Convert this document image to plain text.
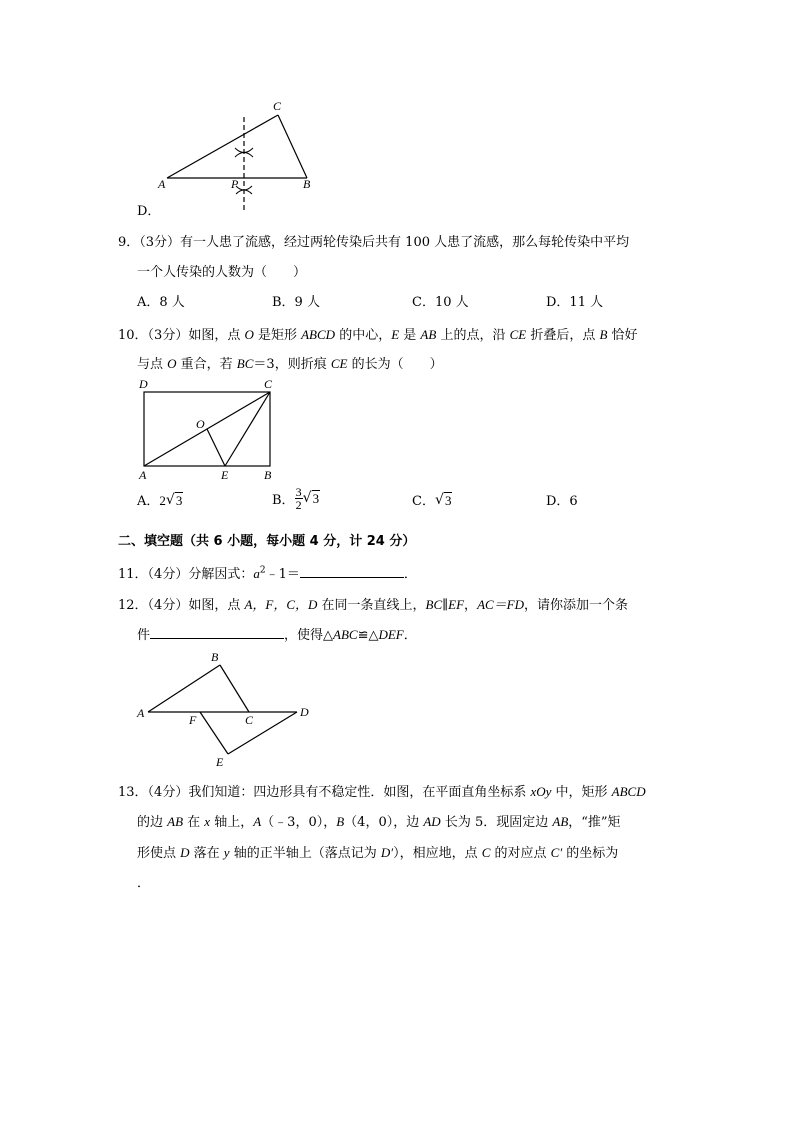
A	B
C
P
D．
9．（3分）有一人患了流感，经过两轮传染后共有 100 人患了流感，那么每轮传染中平均
一个人传染的人数为（　　）
A．8 人	B．9 人	C．10 人	D．11 人
10．（3分）如图，点 O 是矩形 ABCD 的中心，E 是 AB 上的点，沿 CE 折叠后，点 B 恰好
与点 O 重合，若 BC＝3，则折痕 CE 的长为（　　）
D	C
A	B
O
E
A．2 √ 3	B． $\frac{3}{2}$ √ 3	C． √ 3	D．6
二、填空题（共 6 小题，每小题 4 分，计 24 分）
11．（4分）分解因式：$a^2﹣1=$	．
12．（4分）如图，点 A，F，C，D 在同一条直线上，BC∥EF，AC＝FD，请你添加一个条
件	，使得△ABC≌△DEF．
A
B
C
D
E
F
13．（4分）我们知道：四边形具有不稳定性．如图，在平面直角坐标系 xOy 中，矩形 ABCD
的边 AB 在 x 轴上，A（﹣3，0），B（4，0），边 AD 长为 5．现固定边 AB，“推”矩
形使点 D 落在 y 轴的正半轴上（落点记为 D′），相应地，点 C 的对应点 C′ 的坐标为
．
